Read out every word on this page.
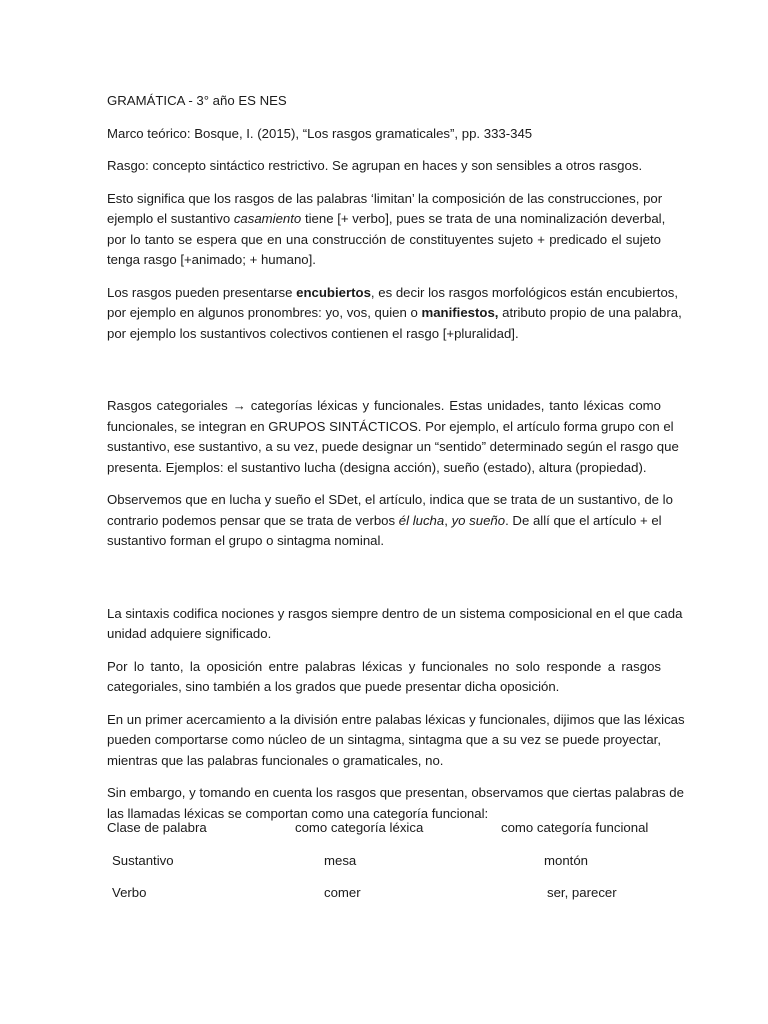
GRAMÁTICA - 3° año ES NES

Marco teórico: Bosque, I. (2015), “Los rasgos gramaticales”, pp. 333-345

Rasgo: concepto sintáctico restrictivo. Se agrupan en haces y son sensibles a otros rasgos.

Esto significa que los rasgos de las palabras ‘limitan’ la composición de las construcciones, por
ejemplo el sustantivo casamiento tiene [+ verbo], pues se trata de una nominalización deverbal,
por lo tanto se espera que en una construcción de constituyentes sujeto + predicado el sujeto
tenga rasgo [+animado; + humano].
Los rasgos pueden presentarse encubiertos, es decir los rasgos morfológicos están encubiertos,
por ejemplo en algunos pronombres: yo, vos, quien o manifiestos, atributo propio de una palabra,
por ejemplo los sustantivos colectivos contienen el rasgo [+pluralidad].
Rasgos categoriales → categorías léxicas y funcionales. Estas unidades, tanto léxicas como
funcionales, se integran en GRUPOS SINTÁCTICOS. Por ejemplo, el artículo forma grupo con el
sustantivo, ese sustantivo, a su vez, puede designar un “sentido” determinado según el rasgo que
presenta. Ejemplos: el sustantivo lucha (designa acción), sueño (estado), altura (propiedad).
Observemos que en lucha y sueño el SDet, el artículo, indica que se trata de un sustantivo, de lo
contrario podemos pensar que se trata de verbos él lucha, yo sueño. De allí que el artículo + el
sustantivo forman el grupo o sintagma nominal.
La sintaxis codifica nociones y rasgos siempre dentro de un sistema composicional en el que cada
unidad adquiere significado.
Por lo tanto, la oposición entre palabras léxicas y funcionales no solo responde a rasgos
categoriales, sino también a los grados que puede presentar dicha oposición.
En un primer acercamiento a la división entre palabas léxicas y funcionales, dijimos que las léxicas
pueden comportarse como núcleo de un sintagma, sintagma que a su vez se puede proyectar,
mientras que las palabras funcionales o gramaticales, no.
Sin embargo, y tomando en cuenta los rasgos que presentan, observamos que ciertas palabras de
las llamadas léxicas se comportan como una categoría funcional:
Clase de palabra	como categoría léxica	como categoría funcional
Sustantivo	mesa	montón
Verbo	comer	ser, parecer
